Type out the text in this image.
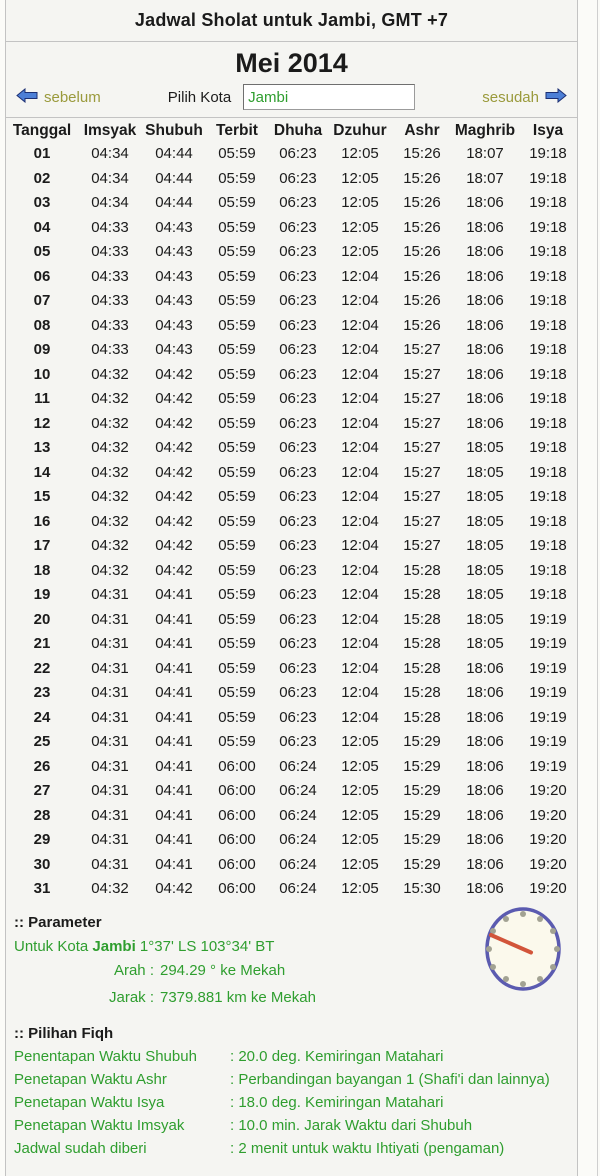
Jadwal Sholat untuk Jambi, GMT +7
Mei 2014
sebelum	Pilih Kota
Jambi	sesudah
Tanggal	Imsyak	Shubuh	Terbit	Dhuha	Dzuhur	Ashr	Maghrib	Isya
01	04:34	04:44	05:59	06:23	12:05	15:26	18:07	19:18
02	04:34	04:44	05:59	06:23	12:05	15:26	18:07	19:18
03	04:34	04:44	05:59	06:23	12:05	15:26	18:06	19:18
04	04:33	04:43	05:59	06:23	12:05	15:26	18:06	19:18
05	04:33	04:43	05:59	06:23	12:05	15:26	18:06	19:18
06	04:33	04:43	05:59	06:23	12:04	15:26	18:06	19:18
07	04:33	04:43	05:59	06:23	12:04	15:26	18:06	19:18
08	04:33	04:43	05:59	06:23	12:04	15:26	18:06	19:18
09	04:33	04:43	05:59	06:23	12:04	15:27	18:06	19:18
10	04:32	04:42	05:59	06:23	12:04	15:27	18:06	19:18
11	04:32	04:42	05:59	06:23	12:04	15:27	18:06	19:18
12	04:32	04:42	05:59	06:23	12:04	15:27	18:06	19:18
13	04:32	04:42	05:59	06:23	12:04	15:27	18:05	19:18
14	04:32	04:42	05:59	06:23	12:04	15:27	18:05	19:18
15	04:32	04:42	05:59	06:23	12:04	15:27	18:05	19:18
16	04:32	04:42	05:59	06:23	12:04	15:27	18:05	19:18
17	04:32	04:42	05:59	06:23	12:04	15:27	18:05	19:18
18	04:32	04:42	05:59	06:23	12:04	15:28	18:05	19:18
19	04:31	04:41	05:59	06:23	12:04	15:28	18:05	19:18
20	04:31	04:41	05:59	06:23	12:04	15:28	18:05	19:19
21	04:31	04:41	05:59	06:23	12:04	15:28	18:05	19:19
22	04:31	04:41	05:59	06:23	12:04	15:28	18:06	19:19
23	04:31	04:41	05:59	06:23	12:04	15:28	18:06	19:19
24	04:31	04:41	05:59	06:23	12:04	15:28	18:06	19:19
25	04:31	04:41	05:59	06:23	12:05	15:29	18:06	19:19
26	04:31	04:41	06:00	06:24	12:05	15:29	18:06	19:19
27	04:31	04:41	06:00	06:24	12:05	15:29	18:06	19:20
28	04:31	04:41	06:00	06:24	12:05	15:29	18:06	19:20
29	04:31	04:41	06:00	06:24	12:05	15:29	18:06	19:20
30	04:31	04:41	06:00	06:24	12:05	15:29	18:06	19:20
31	04:32	04:42	06:00	06:24	12:05	15:30	18:06	19:20
:: Parameter
Untuk Kota Jambi 1°37' LS 103°34' BT
Arah : 294.29 ° ke Mekah
Jarak : 7379.881 km ke Mekah
:: Pilihan Fiqh
Penentapan Waktu Shubuh	: 20.0 deg. Kemiringan Matahari
Penetapan Waktu Ashr	: Perbandingan bayangan 1 (Shafi'i dan lainnya)
Penetapan Waktu Isya	: 18.0 deg. Kemiringan Matahari
Penetapan Waktu Imsyak	: 10.0 min. Jarak Waktu dari Shubuh
Jadwal sudah diberi	: 2 menit untuk waktu Ihtiyati (pengaman)
